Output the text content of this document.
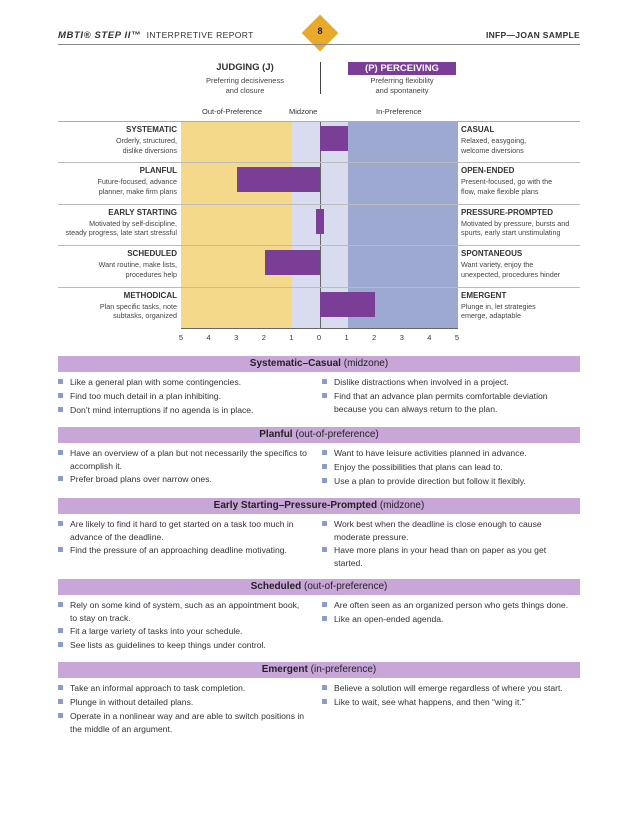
MBTI® STEP II™ INTERPRETIVE REPORT	8	INFP—JOAN SAMPLE
JUDGING (J)
Preferring decisiveness
and closure
(P) PERCEIVING
Preferring flexibility
and spontaneity
Out-of-Preference	Midzone	In-Preference
SYSTEMATIC
Orderly, structured,
dislike diversions
CASUAL
Relaxed, easygoing,
welcome diversions
PLANFUL
Future-focused, advance
planner, make firm plans
OPEN-ENDED
Present-focused, go with the
flow, make flexible plans
EARLY STARTING
Motivated by self-discipline,
steady progress, late start stressful
PRESSURE-PROMPTED
Motivated by pressure, bursts and
spurts, early start unstimulating
SCHEDULED
Want routine, make lists,
procedures help
SPONTANEOUS
Want variety, enjoy the
unexpected, procedures hinder
METHODICAL
Plan specific tasks, note
subtasks, organized
EMERGENT
Plunge in, let strategies
emerge, adaptable
5	4	3	2	1	0	1	2	3	4	5
Systematic–Casual (midzone)
Like a general plan with some contingencies.
Find too much detail in a plan inhibiting.
Don’t mind interruptions if no agenda is in place.
Dislike distractions when involved in a project.
Find that an advance plan permits comfortable deviation because you can always return to the plan.
Planful (out-of-preference)
Have an overview of a plan but not necessarily the specifics to accomplish it.
Prefer broad plans over narrow ones.
Want to have leisure activities planned in advance.
Enjoy the possibilities that plans can lead to.
Use a plan to provide direction but follow it flexibly.
Early Starting–Pressure-Prompted (midzone)
Are likely to find it hard to get started on a task too much in advance of the deadline.
Find the pressure of an approaching deadline motivating.
Work best when the deadline is close enough to cause moderate pressure.
Have more plans in your head than on paper as you get started.
Scheduled (out-of-preference)
Rely on some kind of system, such as an appointment book, to stay on track.
Fit a large variety of tasks into your schedule.
See lists as guidelines to keep things under control.
Are often seen as an organized person who gets things done.
Like an open-ended agenda.
Emergent (in-preference)
Take an informal approach to task completion.
Plunge in without detailed plans.
Operate in a nonlinear way and are able to switch positions in the middle of an argument.
Believe a solution will emerge regardless of where you start.
Like to wait, see what happens, and then “wing it.”
